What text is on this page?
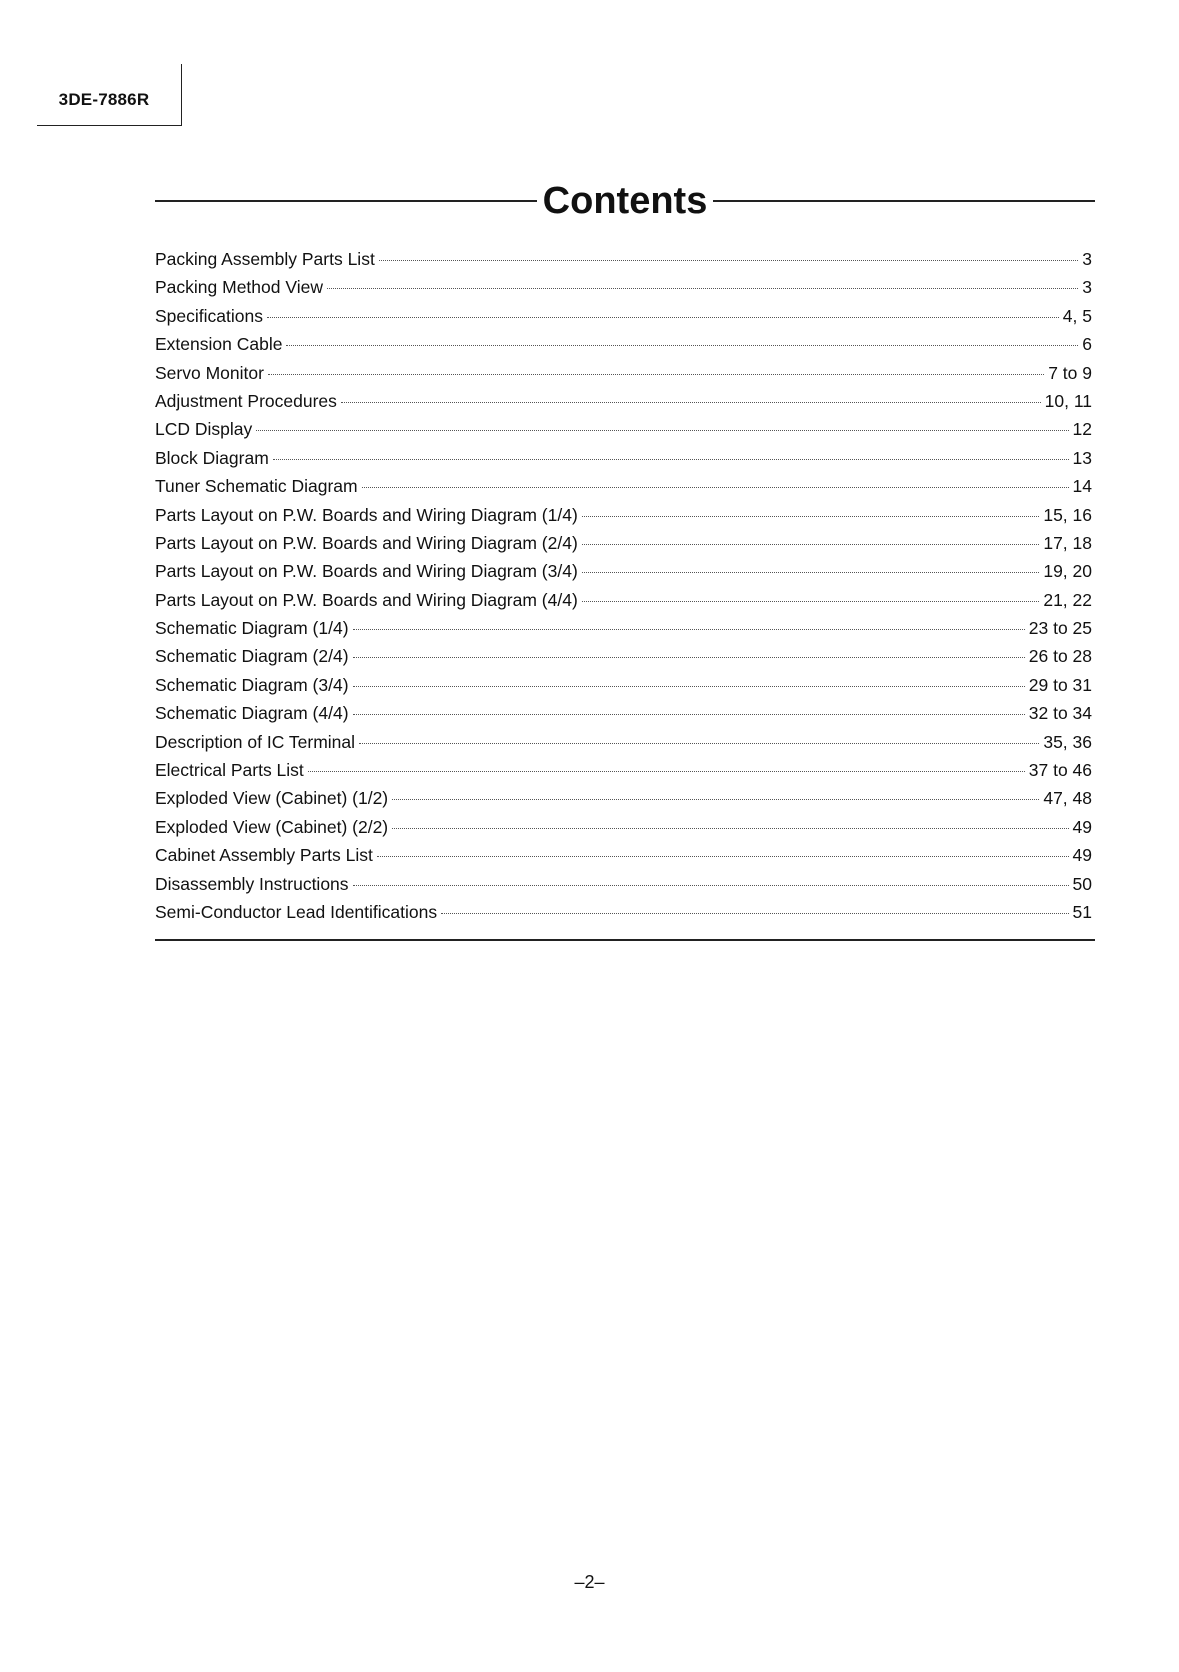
3DE-7886R
Contents
Packing Assembly Parts List	3
Packing Method View	3
Specifications	4, 5
Extension Cable	6
Servo Monitor	7 to 9
Adjustment Procedures	10, 11
LCD Display	12
Block Diagram	13
Tuner Schematic Diagram	14
Parts Layout on P.W. Boards and Wiring Diagram (1/4)	15, 16
Parts Layout on P.W. Boards and Wiring Diagram (2/4)	17, 18
Parts Layout on P.W. Boards and Wiring Diagram (3/4)	19, 20
Parts Layout on P.W. Boards and Wiring Diagram (4/4)	21, 22
Schematic Diagram (1/4)	23 to 25
Schematic Diagram (2/4)	26 to 28
Schematic Diagram (3/4)	29 to 31
Schematic Diagram (4/4)	32 to 34
Description of IC Terminal	35, 36
Electrical Parts List	37 to 46
Exploded View (Cabinet) (1/2)	47, 48
Exploded View (Cabinet) (2/2)	49
Cabinet Assembly Parts List	49
Disassembly Instructions	50
Semi-Conductor Lead Identifications	51
–2–
